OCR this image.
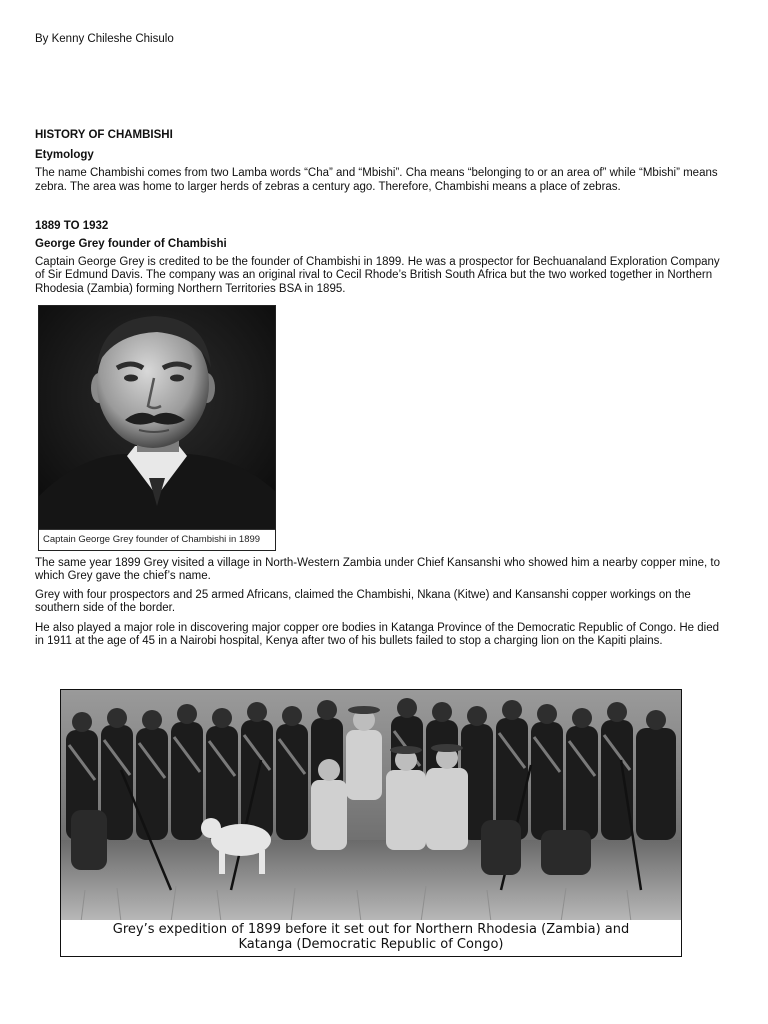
By Kenny Chileshe Chisulo
HISTORY OF CHAMBISHI
Etymology

The name Chambishi comes from two Lamba words “Cha” and “Mbishi”. Cha means “belonging to or an area of” while “Mbishi” means zebra. The area was home to larger herds of zebras a century ago. Therefore, Chambishi means a place of zebras.

1889 TO 1932
George Grey founder of Chambishi

Captain George Grey is credited to be the founder of Chambishi in 1899. He was a prospector for Bechuanaland Exploration Company of Sir Edmund Davis. The company was an original rival to Cecil Rhode’s British South Africa but the two worked together in Northern Rhodesia (Zambia) forming Northern Territories BSA in 1895.

Captain George Grey founder of Chambishi in 1899

The same year 1899 Grey visited a village in North-Western Zambia under Chief Kansanshi who showed him a nearby copper mine, to which Grey gave the chief’s name.

Grey with four prospectors and 25 armed Africans, claimed the Chambishi, Nkana (Kitwe) and Kansanshi copper workings on the southern side of the border.

He also played a major role in discovering major copper ore bodies in Katanga Province of the Democratic Republic of Congo. He died in 1911 at the age of 45 in a Nairobi hospital, Kenya after two of his bullets failed to stop a charging lion on the Kapiti plains.

Grey’s expedition of 1899 before it set out for Northern Rhodesia (Zambia) and
Katanga (Democratic Republic of Congo)
